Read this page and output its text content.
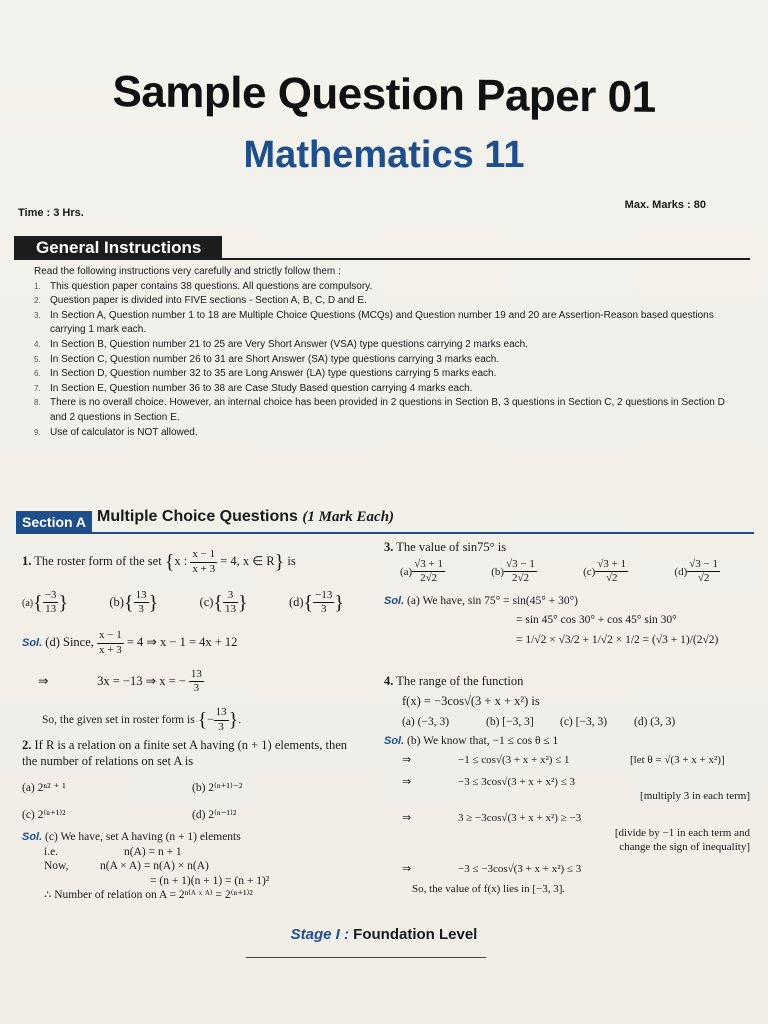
Sample Question Paper 01
Mathematics 11
Time : 3 Hrs.
Max. Marks : 80
General Instructions
Read the following instructions very carefully and strictly follow them :
1. This question paper contains 38 questions. All questions are compulsory.
2. Question paper is divided into FIVE sections - Section A, B, C, D and E.
3. In Section A, Question number 1 to 18 are Multiple Choice Questions (MCQs) and Question number 19 and 20 are Assertion-Reason based questions carrying 1 mark each.
4. In Section B, Question number 21 to 25 are Very Short Answer (VSA) type questions carrying 2 marks each.
5. In Section C, Question number 26 to 31 are Short Answer (SA) type questions carrying 3 marks each.
6. In Section D, Question number 32 to 35 are Long Answer (LA) type questions carrying 5 marks each.
7. In Section E, Question number 36 to 38 are Case Study Based question carrying 4 marks each.
8. There is no overall choice. However, an internal choice has been provided in 2 questions in Section B, 3 questions in Section C, 2 questions in Section D and 2 questions in Section E.
9. Use of calculator is NOT allowed.
Section A Multiple Choice Questions (1 Mark Each)
1. The roster form of the set {x : $\frac{x - 1}{x + 3} = 4$, x ∈ R} is
$(a)\{ \frac{-3}{13}$ }	$(b)\{ \frac{13}{3}$ }	$(c)\{ \frac{3}{13}$ }	$(d)\{ \frac{-13}{3}$ }
Sol. (d) Since, $\frac{x - 1}{x + 3} = 4$ ⇒ x − 1 = 4x + 12
⇒	3x = −13 ⇒ x = − $\frac{13}{3}$
So, the given set in roster form is {− $\frac{13}{3}$ }.
2. If R is a relation on a finite set A having (n + 1) elements, then the number of relations on set A is
(a) 2ⁿ² ⁺ ¹	(b) 2⁽ⁿ⁺¹⁾⁻²
(c) 2⁽ⁿ⁺¹⁾²	(d) 2⁽ⁿ⁻¹⁾²
Sol. (c) We have, set A having (n + 1) elements
i.e.	n(A) = n + 1
Now,	n(A × A) = n(A) × n(A)
= (n + 1)(n + 1) = (n + 1)²
∴ Number of relation on A = 2ⁿ⁽ᴬ ˣ ᴬ⁾ = 2⁽ⁿ⁺¹⁾²
3. The value of sin75° is
$(a) \frac{√3 + 1}{2√2}$	$(b) \frac{√3 - 1}{2√2}$	$(c) \frac{√3 + 1}{√2}$	$(d) \frac{√3 - 1}{√2}$
Sol. (a) We have, sin 75° = sin(45° + 30°)
= sin 45° cos 30° + cos 45° sin 30°
= 1/√2 × √3/2 + 1/√2 × 1/2 = (√3 + 1)/(2√2)
4. The range of the function
f(x) = −3cos√(3 + x + x²) is
(a) (−3, 3)	(b) [−3, 3]	(c) [−3, 3)	(d) (3, 3)
Sol. (b) We know that, −1 ≤ cos θ ≤ 1
⇒	−1 ≤ cos√(3 + x + x²) ≤ 1	[let θ = √(3 + x + x²)]
⇒	−3 ≤ 3cos√(3 + x + x²) ≤ 3
[multiply 3 in each term]
⇒	3 ≥ −3cos√(3 + x + x²) ≥ −3
[divide by −1 in each term and
change the sign of inequality]
⇒	−3 ≤ −3cos√(3 + x + x²) ≤ 3
So, the value of f(x) lies in [−3, 3].
Stage I : Foundation Level
